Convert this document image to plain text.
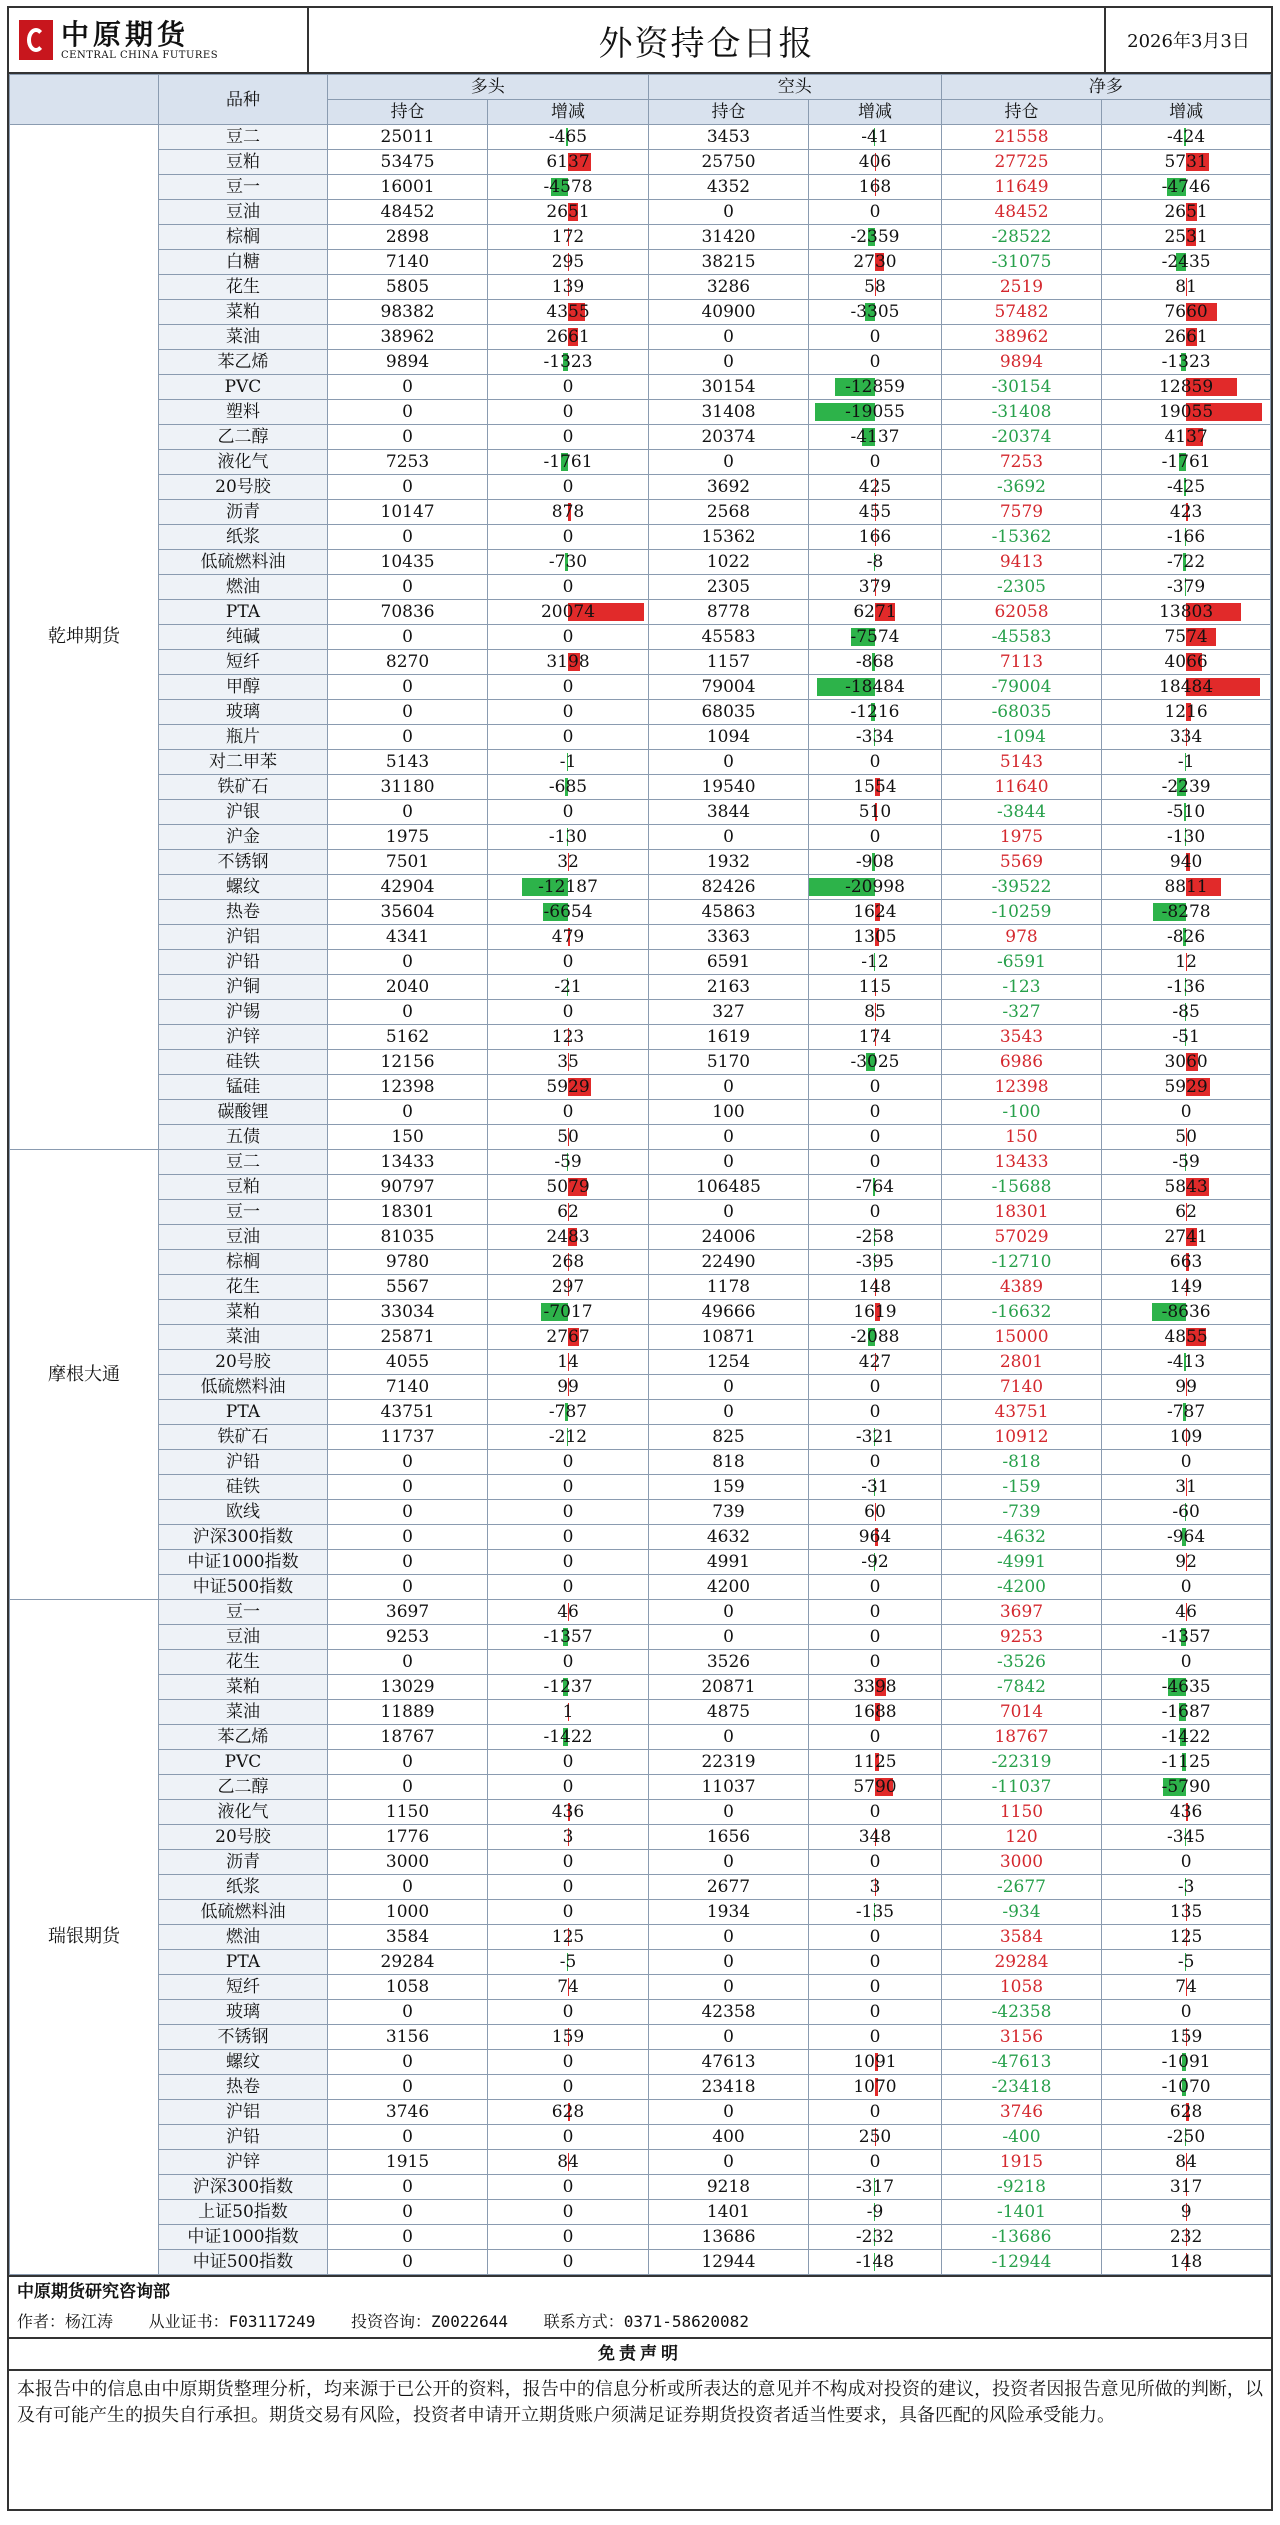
中原期货
CENTRAL CHINA FUTURES	外资持仓日报	2026年3月3日
	品种	多头		空头		净多	
		持仓	增减	持仓	增减	持仓	增减
乾坤期货	豆二	25011	-465	3453	-41	21558	-424
	豆粕	53475	6137	25750	406	27725	5731
	豆一	16001	-4578	4352	168	11649	-4746
	豆油	48452	2651	0	0	48452	2651
	棕榈	2898	172	31420	-2359	-28522	2531
	白糖	7140	295	38215	2730	-31075	-2435
	花生	5805	139	3286	58	2519	81
	菜粕	98382	4355	40900	-3305	57482	7660
	菜油	38962	2661	0	0	38962	2661
	苯乙烯	9894	-1323	0	0	9894	-1323
	PVC	0	0	30154	-12859	-30154	12859
	塑料	0	0	31408	-19055	-31408	19055
	乙二醇	0	0	20374	-4137	-20374	4137
	液化气	7253	-1761	0	0	7253	-1761
	20号胶	0	0	3692	425	-3692	-425
	沥青	10147	878	2568	455	7579	423
	纸浆	0	0	15362	166	-15362	-166
	低硫燃料油	10435	-730	1022	-8	9413	-722
	燃油	0	0	2305	379	-2305	-379
	PTA	70836	20074	8778	6271	62058	13803
	纯碱	0	0	45583	-7574	-45583	7574
	短纤	8270	3198	1157	-868	7113	4066
	甲醇	0	0	79004	-18484	-79004	18484
	玻璃	0	0	68035	-1216	-68035	1216
	瓶片	0	0	1094	-334	-1094	334
	对二甲苯	5143	-1	0	0	5143	-1
	铁矿石	31180	-685	19540	1554	11640	-2239
	沪银	0	0	3844	510	-3844	-510
	沪金	1975	-130	0	0	1975	-130
	不锈钢	7501	32	1932	-908	5569	940
	螺纹	42904	-12187	82426	-20998	-39522	8811
	热卷	35604	-6654	45863	1624	-10259	-8278
	沪铝	4341	479	3363	1305	978	-826
	沪铅	0	0	6591	-12	-6591	12
	沪铜	2040	-21	2163	115	-123	-136
	沪锡	0	0	327	85	-327	-85
	沪锌	5162	123	1619	174	3543	-51
	硅铁	12156	35	5170	-3025	6986	3060
	锰硅	12398	5929	0	0	12398	5929
	碳酸锂	0	0	100	0	-100	0
	五债	150	50	0	0	150	50
摩根大通	豆二	13433	-59	0	0	13433	-59
	豆粕	90797	5079	106485	-764	-15688	5843
	豆一	18301	62	0	0	18301	62
	豆油	81035	2483	24006	-258	57029	2741
	棕榈	9780	268	22490	-395	-12710	663
	花生	5567	297	1178	148	4389	149
	菜粕	33034	-7017	49666	1619	-16632	-8636
	菜油	25871	2767	10871	-2088	15000	4855
	20号胶	4055	14	1254	427	2801	-413
	低硫燃料油	7140	99	0	0	7140	99
	PTA	43751	-787	0	0	43751	-787
	铁矿石	11737	-212	825	-321	10912	109
	沪铅	0	0	818	0	-818	0
	硅铁	0	0	159	-31	-159	31
	欧线	0	0	739	60	-739	-60
	沪深300指数	0	0	4632	964	-4632	-964
	中证1000指数	0	0	4991	-92	-4991	92
	中证500指数	0	0	4200	0	-4200	0
瑞银期货	豆一	3697	46	0	0	3697	46
	豆油	9253	-1357	0	0	9253	-1357
	花生	0	0	3526	0	-3526	0
	菜粕	13029	-1237	20871	3398	-7842	-4635
	菜油	11889	1	4875	1688	7014	-1687
	苯乙烯	18767	-1422	0	0	18767	-1422
	PVC	0	0	22319	1125	-22319	-1125
	乙二醇	0	0	11037	5790	-11037	-5790
	液化气	1150	436	0	0	1150	436
	20号胶	1776	3	1656	348	120	-345
	沥青	3000	0	0	0	3000	0
	纸浆	0	0	2677	3	-2677	-3
	低硫燃料油	1000	0	1934	-135	-934	135
	燃油	3584	125	0	0	3584	125
	PTA	29284	-5	0	0	29284	-5
	短纤	1058	74	0	0	1058	74
	玻璃	0	0	42358	0	-42358	0
	不锈钢	3156	159	0	0	3156	159
	螺纹	0	0	47613	1091	-47613	-1091
	热卷	0	0	23418	1070	-23418	-1070
	沪铝	3746	628	0	0	3746	628
	沪铅	0	0	400	250	-400	-250
	沪锌	1915	84	0	0	1915	84
	沪深300指数	0	0	9218	-317	-9218	317
	上证50指数	0	0	1401	-9	-1401	9
	中证1000指数	0	0	13686	-232	-13686	232
	中证500指数	0	0	12944	-148	-12944	148
中原期货研究咨询部
作者：杨江涛 从业证书：F03117249 投资咨询：Z0022644 联系方式：0371-58620082
免责声明
本报告中的信息由中原期货整理分析，均来源于已公开的资料，报告中的信息分析或所表达的意见并不构成对投资的建议，投资者因报告意见所做的判断，以及有可能产生的损失自行承担。期货交易有风险，投资者申请开立期货账户须满足证券期货投资者适当性要求，具备匹配的风险承受能力。
